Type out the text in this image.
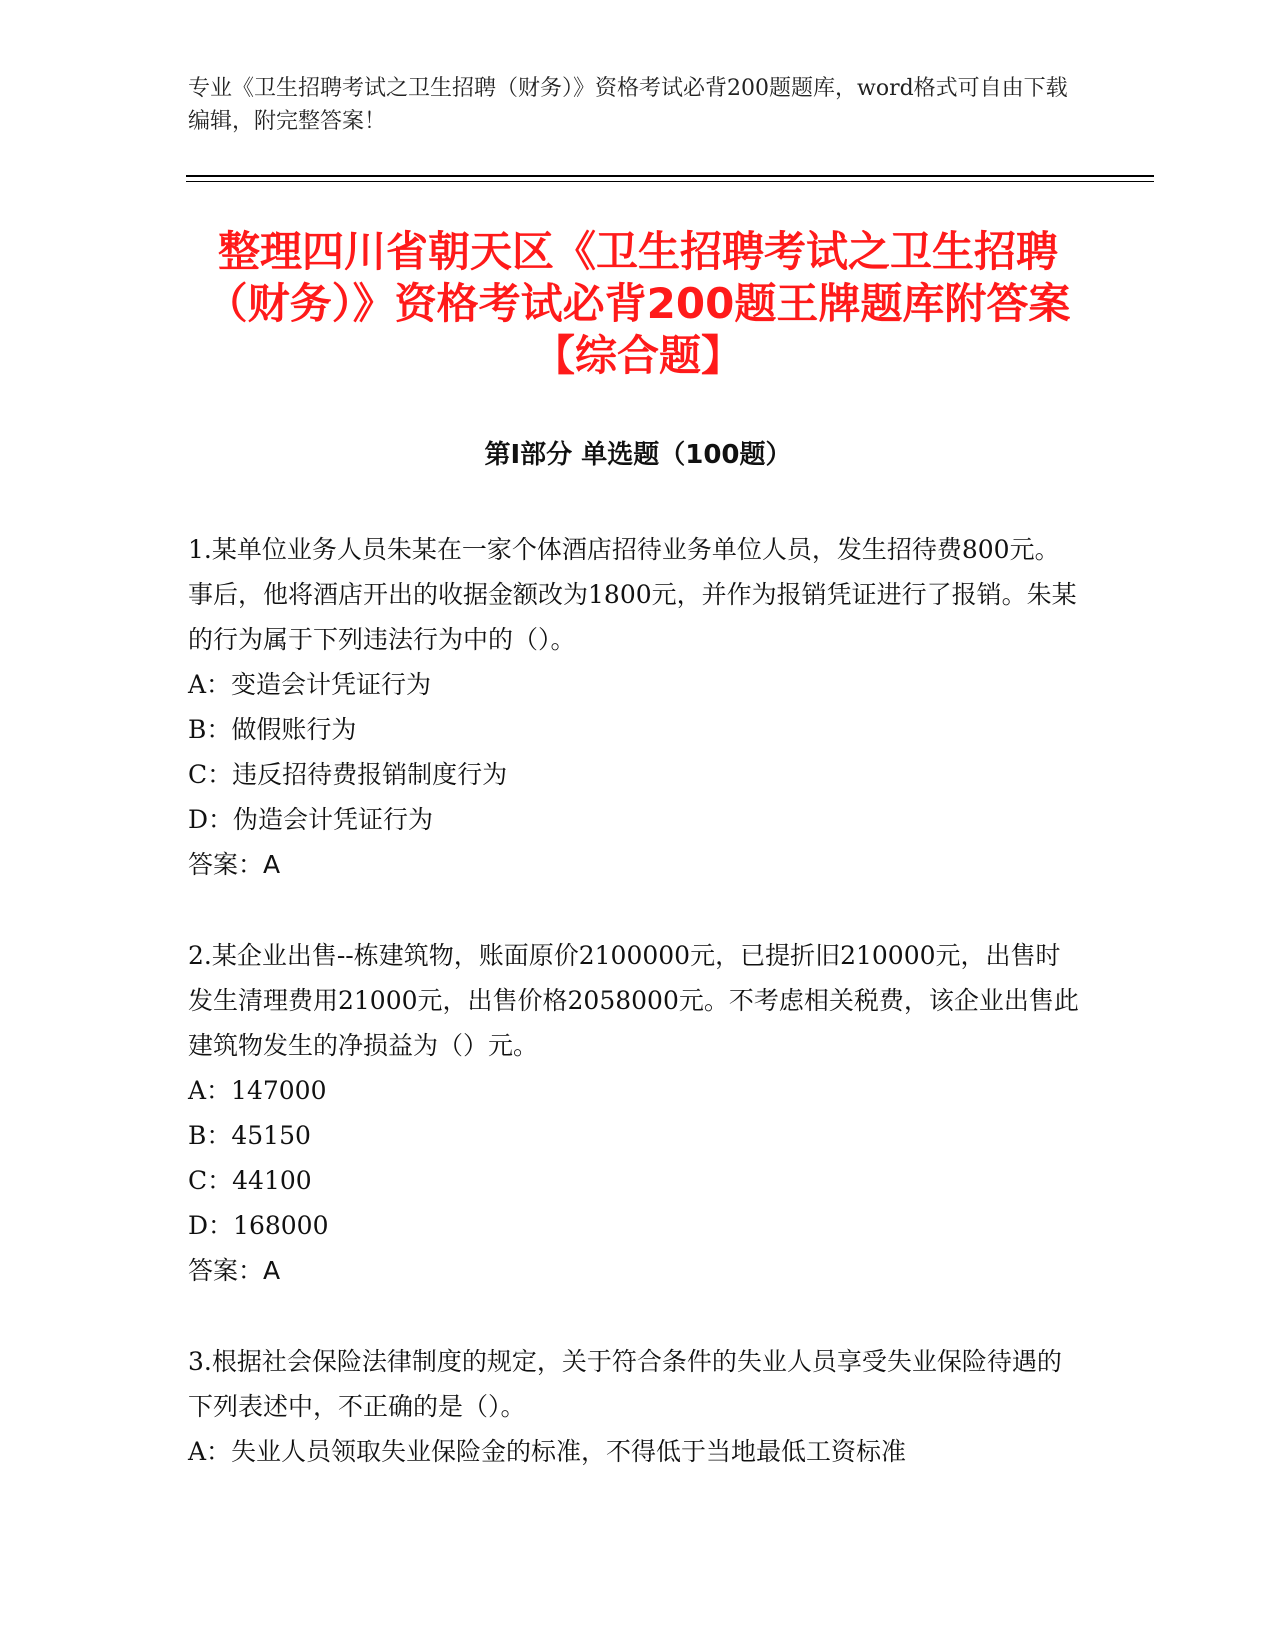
专业《卫生招聘考试之卫生招聘（财务）》资格考试必背200题题库，word格式可自由下载编辑，附完整答案！
整理四川省朝天区《卫生招聘考试之卫生招聘（财务）》资格考试必背200题王牌题库附答案【综合题】
第Ⅰ部分 单选题（100题）
1.某单位业务人员朱某在一家个体酒店招待业务单位人员，发生招待费800元。事后，他将酒店开出的收据金额改为1800元，并作为报销凭证进行了报销。朱某的行为属于下列违法行为中的（）。
A：变造会计凭证行为
B：做假账行为
C：违反招待费报销制度行为
D：伪造会计凭证行为
答案：A
2.某企业出售--栋建筑物，账面原价2100000元，已提折旧210000元，出售时发生清理费用21000元，出售价格2058000元。不考虑相关税费，该企业出售此建筑物发生的净损益为（）元。
A：147000
B：45150
C：44100
D：168000
答案：A
3.根据社会保险法律制度的规定，关于符合条件的失业人员享受失业保险待遇的下列表述中，不正确的是（）。
A：失业人员领取失业保险金的标准，不得低于当地最低工资标准
